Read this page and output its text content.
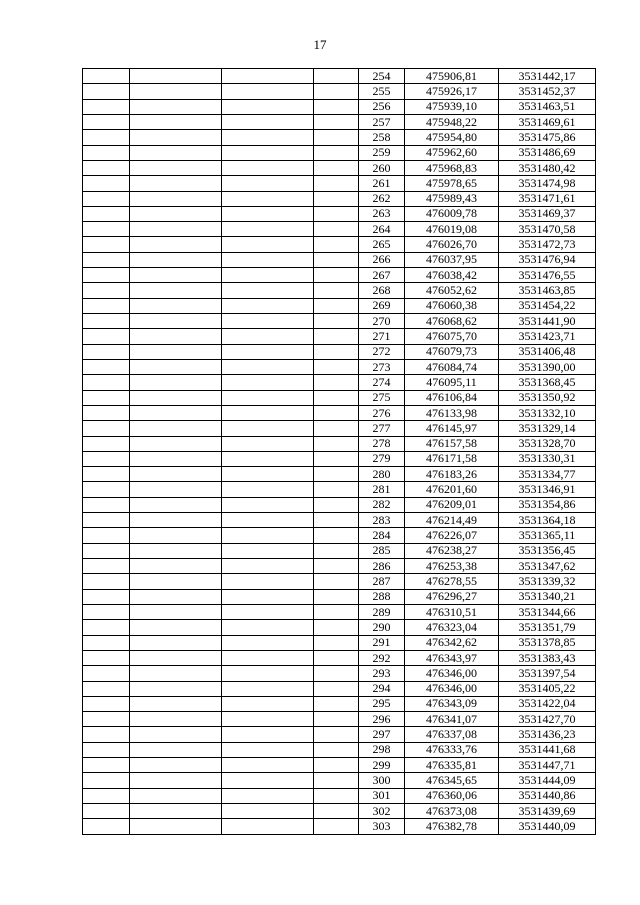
17
				254	475906,81	3531442,17
				255	475926,17	3531452,37
				256	475939,10	3531463,51
				257	475948,22	3531469,61
				258	475954,80	3531475,86
				259	475962,60	3531486,69
				260	475968,83	3531480,42
				261	475978,65	3531474,98
				262	475989,43	3531471,61
				263	476009,78	3531469,37
				264	476019,08	3531470,58
				265	476026,70	3531472,73
				266	476037,95	3531476,94
				267	476038,42	3531476,55
				268	476052,62	3531463,85
				269	476060,38	3531454,22
				270	476068,62	3531441,90
				271	476075,70	3531423,71
				272	476079,73	3531406,48
				273	476084,74	3531390,00
				274	476095,11	3531368,45
				275	476106,84	3531350,92
				276	476133,98	3531332,10
				277	476145,97	3531329,14
				278	476157,58	3531328,70
				279	476171,58	3531330,31
				280	476183,26	3531334,77
				281	476201,60	3531346,91
				282	476209,01	3531354,86
				283	476214,49	3531364,18
				284	476226,07	3531365,11
				285	476238,27	3531356,45
				286	476253,38	3531347,62
				287	476278,55	3531339,32
				288	476296,27	3531340,21
				289	476310,51	3531344,66
				290	476323,04	3531351,79
				291	476342,62	3531378,85
				292	476343,97	3531383,43
				293	476346,00	3531397,54
				294	476346,00	3531405,22
				295	476343,09	3531422,04
				296	476341,07	3531427,70
				297	476337,08	3531436,23
				298	476333,76	3531441,68
				299	476335,81	3531447,71
				300	476345,65	3531444,09
				301	476360,06	3531440,86
				302	476373,08	3531439,69
				303	476382,78	3531440,09
